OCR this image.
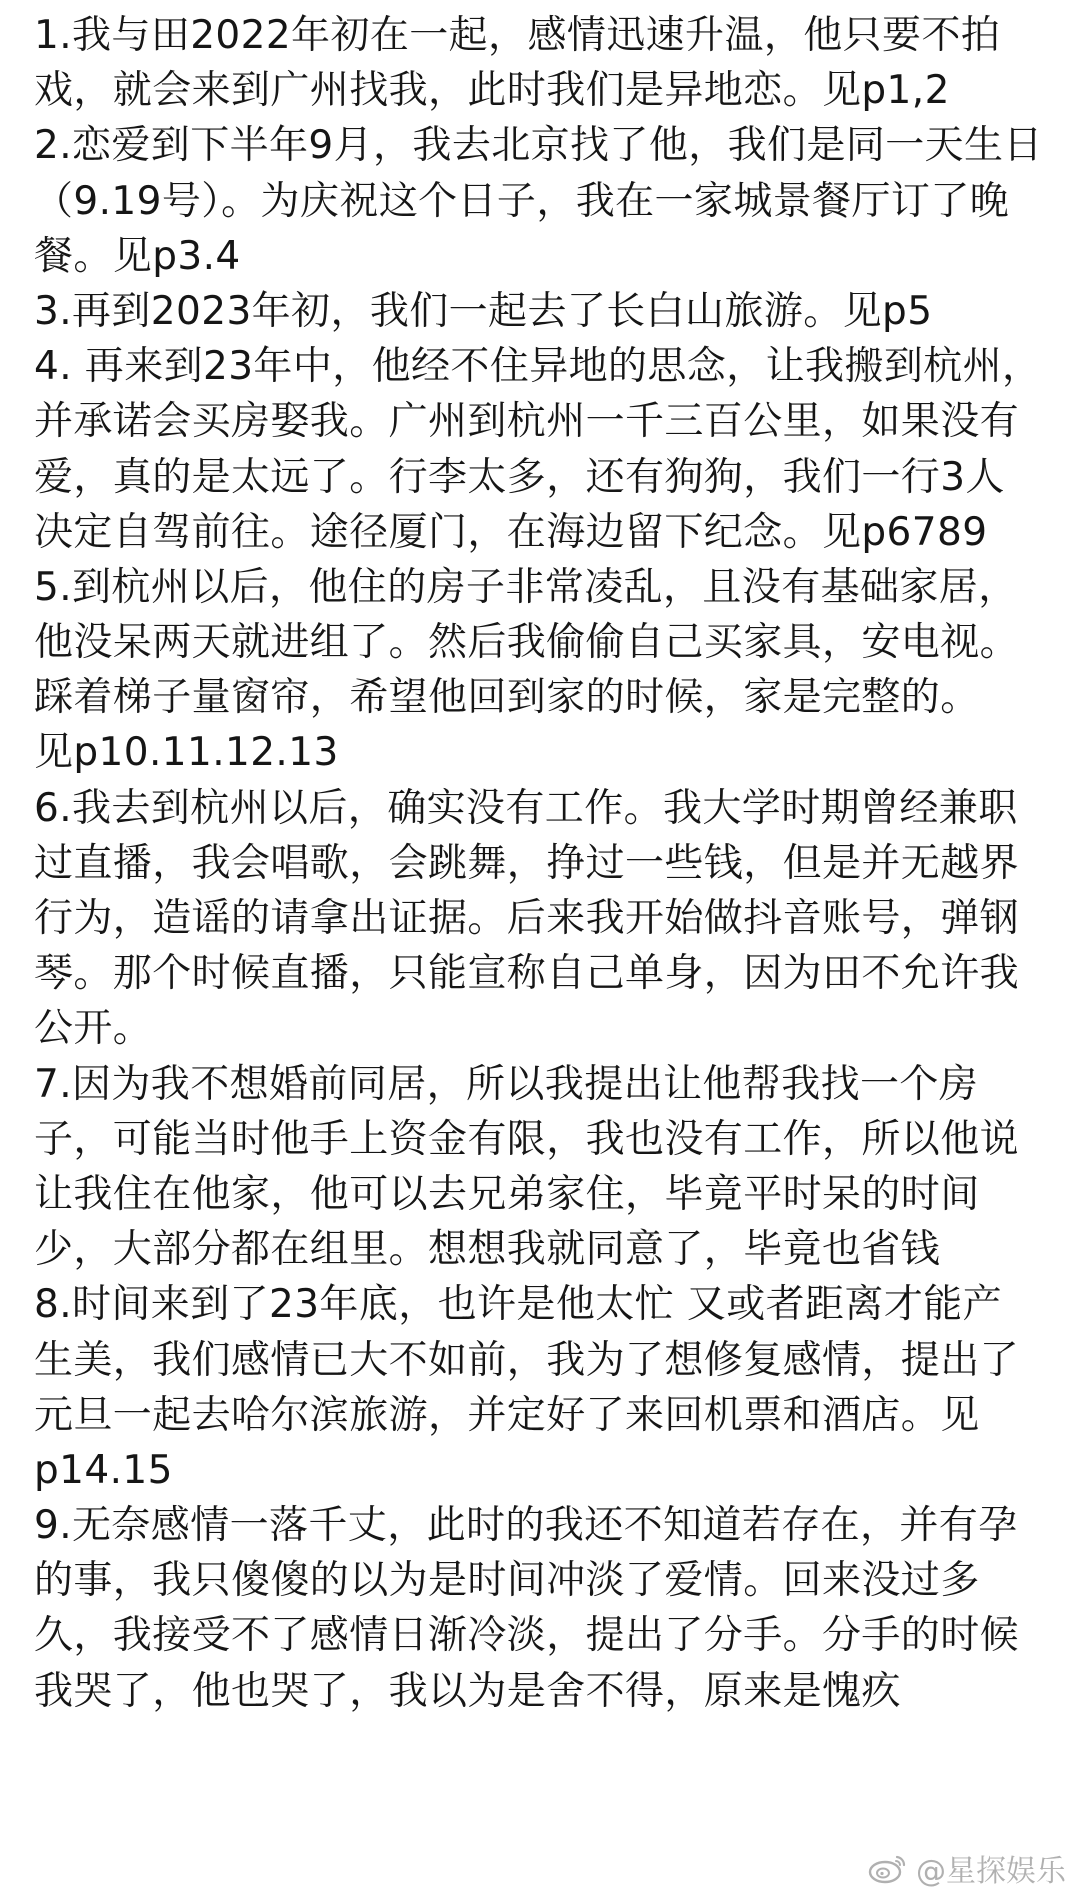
1.我与田2022年初在一起，感情迅速升温，他只要不拍
戏，就会来到广州找我，此时我们是异地恋。见p1,2
2.恋爱到下半年9月，我去北京找了他，我们是同一天生日
（9.19号）。为庆祝这个日子，我在一家城景餐厅订了晚
餐。见p3.4
3.再到2023年初，我们一起去了长白山旅游。见p5
4. 再来到23年中，他经不住异地的思念，让我搬到杭州，
并承诺会买房娶我。广州到杭州一千三百公里，如果没有
爱，真的是太远了。行李太多，还有狗狗，我们一行3人
决定自驾前往。途径厦门，在海边留下纪念。见p6789
5.到杭州以后，他住的房子非常凌乱，且没有基础家居，
他没呆两天就进组了。然后我偷偷自己买家具，安电视。
踩着梯子量窗帘，希望他回到家的时候，家是完整的。
见p10.11.12.13
6.我去到杭州以后，确实没有工作。我大学时期曾经兼职
过直播，我会唱歌，会跳舞，挣过一些钱，但是并无越界
行为，造谣的请拿出证据。后来我开始做抖音账号，弹钢
琴。那个时候直播，只能宣称自己单身，因为田不允许我
公开。
7.因为我不想婚前同居，所以我提出让他帮我找一个房
子，可能当时他手上资金有限，我也没有工作，所以他说
让我住在他家，他可以去兄弟家住，毕竟平时呆的时间
少，大部分都在组里。想想我就同意了，毕竟也省钱
8.时间来到了23年底，也许是他太忙 又或者距离才能产
生美，我们感情已大不如前，我为了想修复感情，提出了
元旦一起去哈尔滨旅游，并定好了来回机票和酒店。见
p14.15
9.无奈感情一落千丈，此时的我还不知道若存在，并有孕
的事，我只傻傻的以为是时间冲淡了爱情。回来没过多
久，我接受不了感情日渐冷淡，提出了分手。分手的时候
我哭了，他也哭了，我以为是舍不得，原来是愧疚
@星探娱乐
